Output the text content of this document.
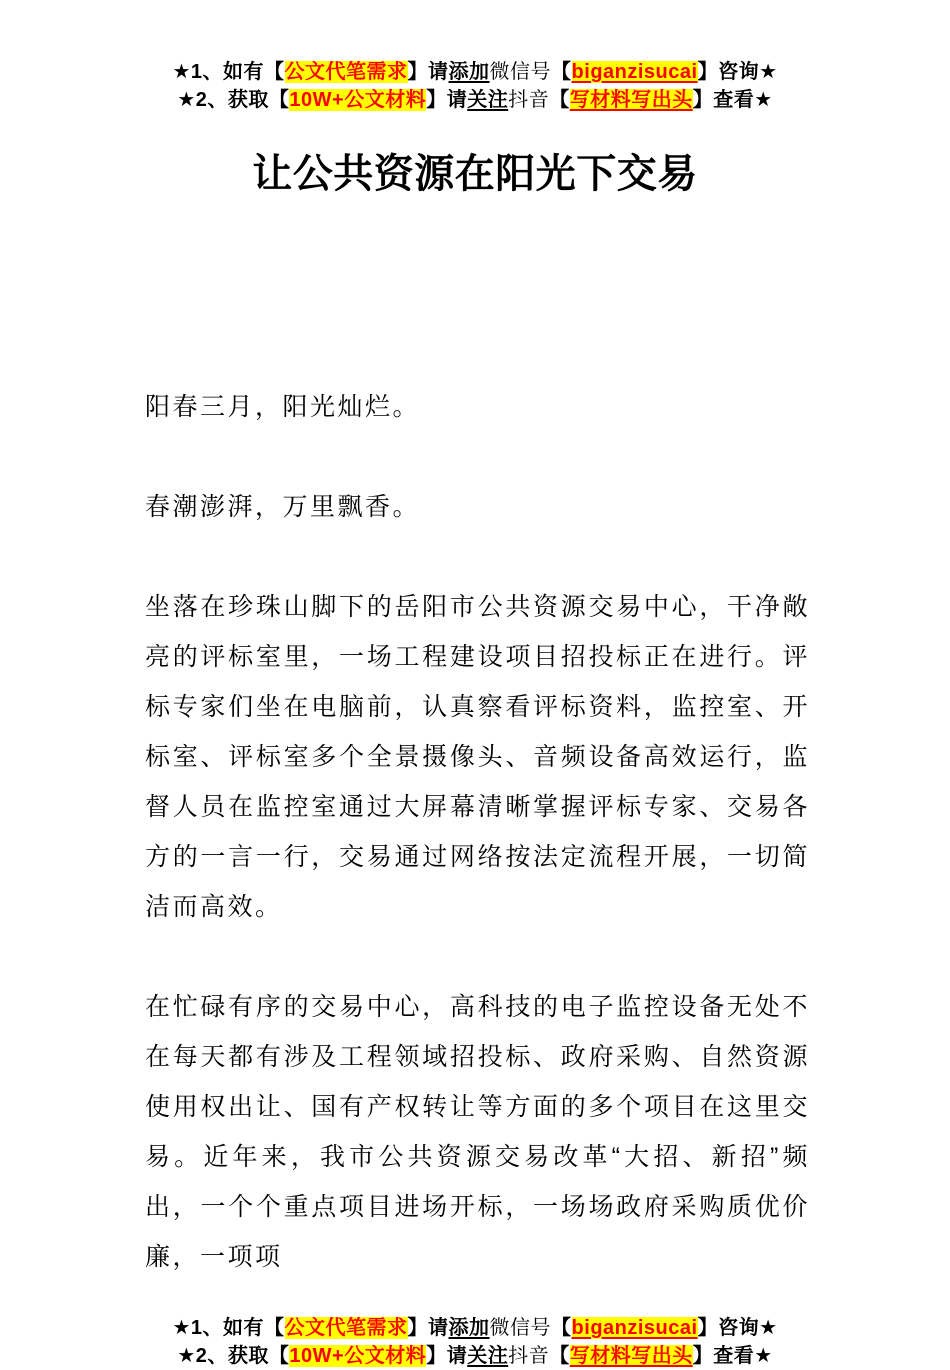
★1、如有【公文代笔需求】请添加微信号【biganzisucai】咨询★

★2、获取【10W+公文材料】请关注抖音【写材料写出头】查看★

让公共资源在阳光下交易

阳春三月，阳光灿烂。

春潮澎湃，万里飘香。

坐落在珍珠山脚下的岳阳市公共资源交易中心，干净敞亮的评标室里，一场工程建设项目招投标正在进行。评标专家们坐在电脑前，认真察看评标资料，监控室、开标室、评标室多个全景摄像头、音频设备高效运行，监督人员在监控室通过大屏幕清晰掌握评标专家、交易各方的一言一行，交易通过网络按法定流程开展，一切简洁而高效。

在忙碌有序的交易中心，高科技的电子监控设备无处不在每天都有涉及工程领域招投标、政府采购、自然资源使用权出让、国有产权转让等方面的多个项目在这里交易。近年来，我市公共资源交易改革“大招、新招”频出，一个个重点项目进场开标，一场场政府采购质优价廉，一项项

★1、如有【公文代笔需求】请添加微信号【biganzisucai】咨询★

★2、获取【10W+公文材料】请关注抖音【写材料写出头】查看★
